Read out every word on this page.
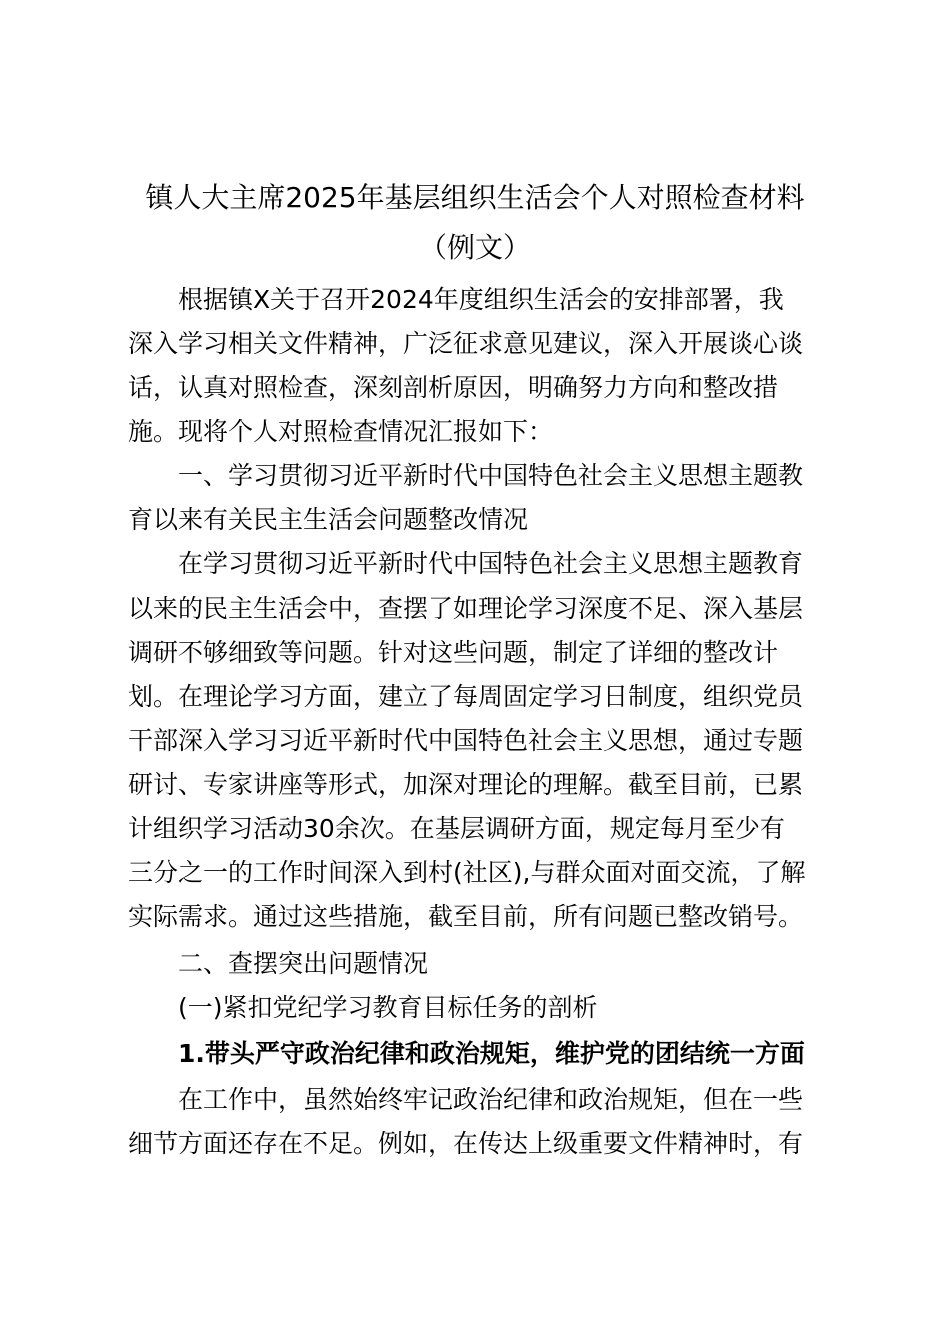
镇人大主席2025年基层组织生活会个人对照检查材料
（例文）
根据镇X关于召开2024年度组织生活会的安排部署，我
深入学习相关文件精神，广泛征求意见建议，深入开展谈心谈
话，认真对照检查，深刻剖析原因，明确努力方向和整改措
施。现将个人对照检查情况汇报如下：
一、学习贯彻习近平新时代中国特色社会主义思想主题教
育以来有关民主生活会问题整改情况
在学习贯彻习近平新时代中国特色社会主义思想主题教育
以来的民主生活会中，查摆了如理论学习深度不足、深入基层
调研不够细致等问题。针对这些问题，制定了详细的整改计
划。在理论学习方面，建立了每周固定学习日制度，组织党员
干部深入学习习近平新时代中国特色社会主义思想，通过专题
研讨、专家讲座等形式，加深对理论的理解。截至目前，已累
计组织学习活动30余次。在基层调研方面，规定每月至少有
三分之一的工作时间深入到村(社区),与群众面对面交流，了解
实际需求。通过这些措施，截至目前，所有问题已整改销号。
二、查摆突出问题情况
(一)紧扣党纪学习教育目标任务的剖析
1.带头严守政治纪律和政治规矩，维护党的团结统一方面
在工作中，虽然始终牢记政治纪律和政治规矩，但在一些
细节方面还存在不足。例如，在传达上级重要文件精神时，有
